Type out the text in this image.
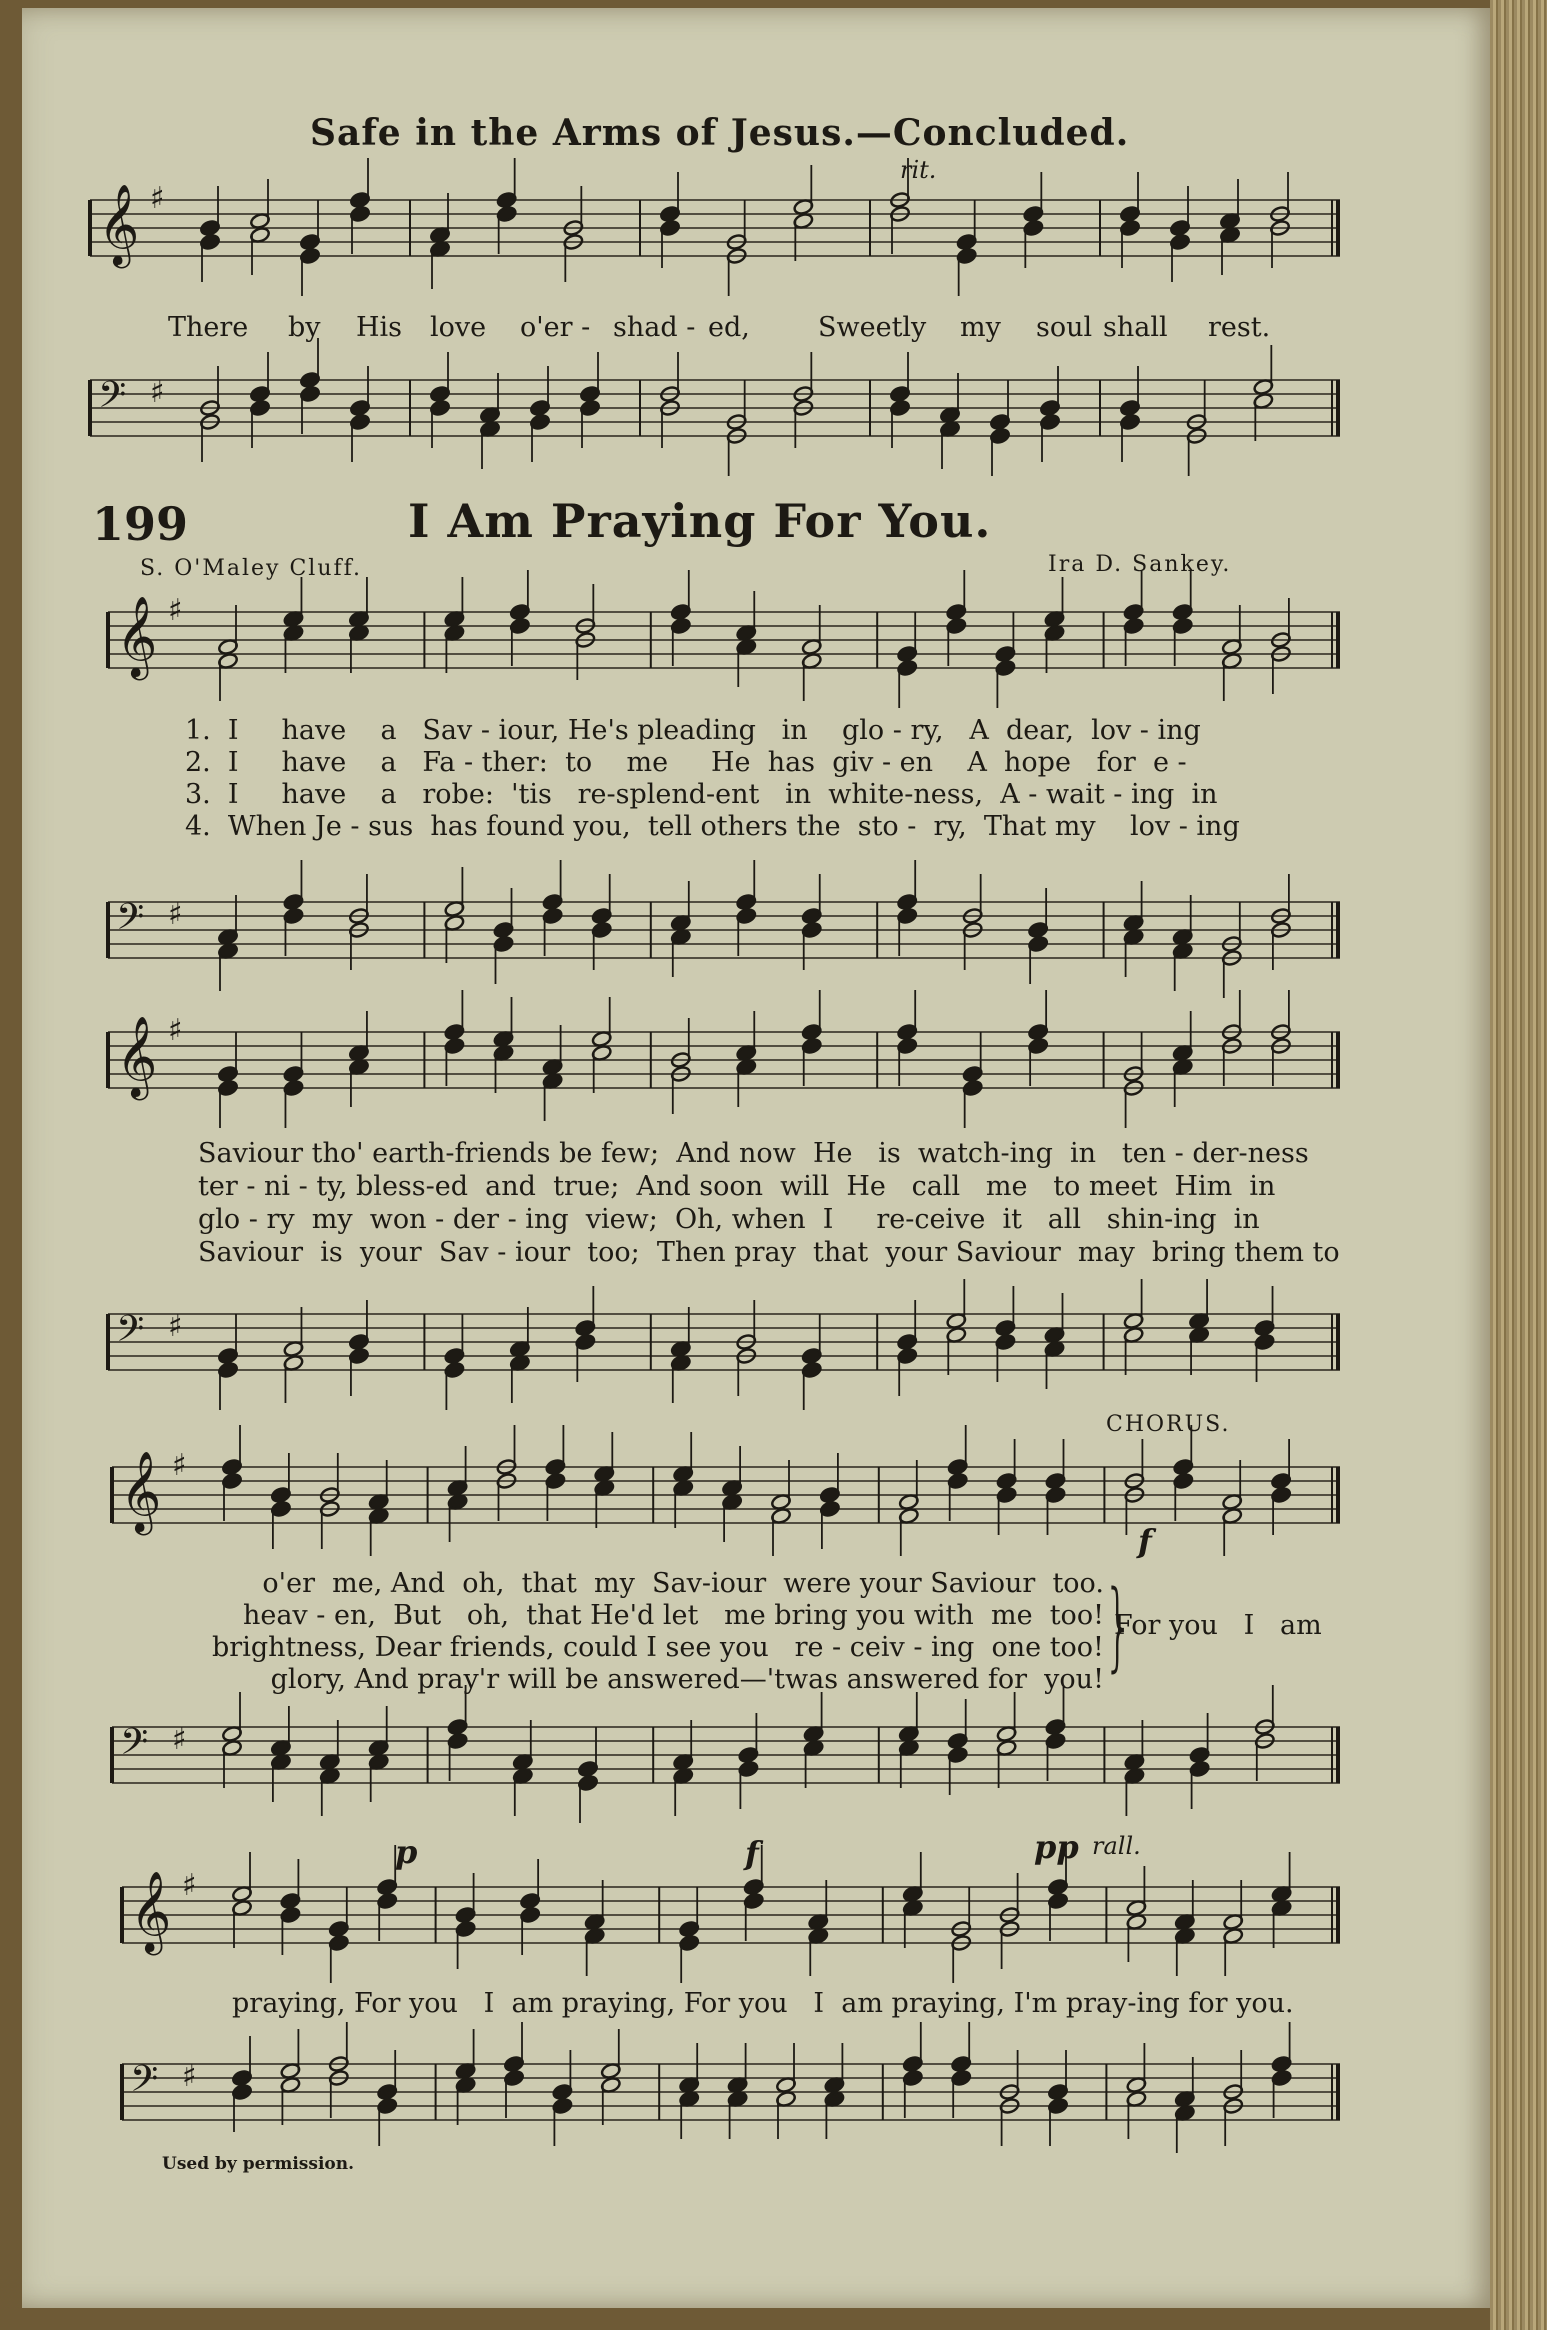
Safe in the Arms of Jesus.—Concluded.
rit.
𝄞 ♯
There by His love o'er - shad - ed,	Sweetly my soul shall rest.
𝄢 ♯
199	I Am Praying For You.
S. O'Maley Cluff.	Ira D. Sankey.
𝄞 ♯
1.  I     have    a   Sav - iour, He's pleading   in    glo - ry,   A  dear,  lov - ing
2.  I     have    a   Fa - ther:  to    me     He  has  giv - en    A  hope   for  e -
3.  I     have    a   robe:  'tis   re-splend-ent   in  white-ness,  A - wait - ing  in
4.  When Je - sus  has found you,  tell others the  sto -  ry,  That my    lov - ing
𝄢 ♯
𝄞 ♯
Saviour tho' earth-friends be few;  And now  He   is  watch-ing  in   ten - der-ness
ter - ni - ty, bless-ed  and  true;  And soon  will  He   call   me   to meet  Him  in
glo - ry  my  won - der - ing  view;  Oh, when  I     re-ceive  it   all   shin-ing  in
Saviour  is  your  Sav - iour  too;  Then pray  that  your Saviour  may  bring them to
𝄢 ♯
CHORUS.
𝄞 ♯
f
o'er  me, And  oh,  that  my  Sav-iour  were your Saviour  too.
heav - en,  But   oh,  that He'd let   me bring you with  me  too!
brightness, Dear friends, could I see you   re - ceiv - ing  one too!
glory, And pray'r will be answered—'twas answered for  you! }
For you   I   am
𝄢 ♯
p	f	pp rall.
𝄞 ♯
praying, For you   I  am praying, For you   I  am praying, I'm pray-ing for you.
𝄢 ♯
Used by permission.
